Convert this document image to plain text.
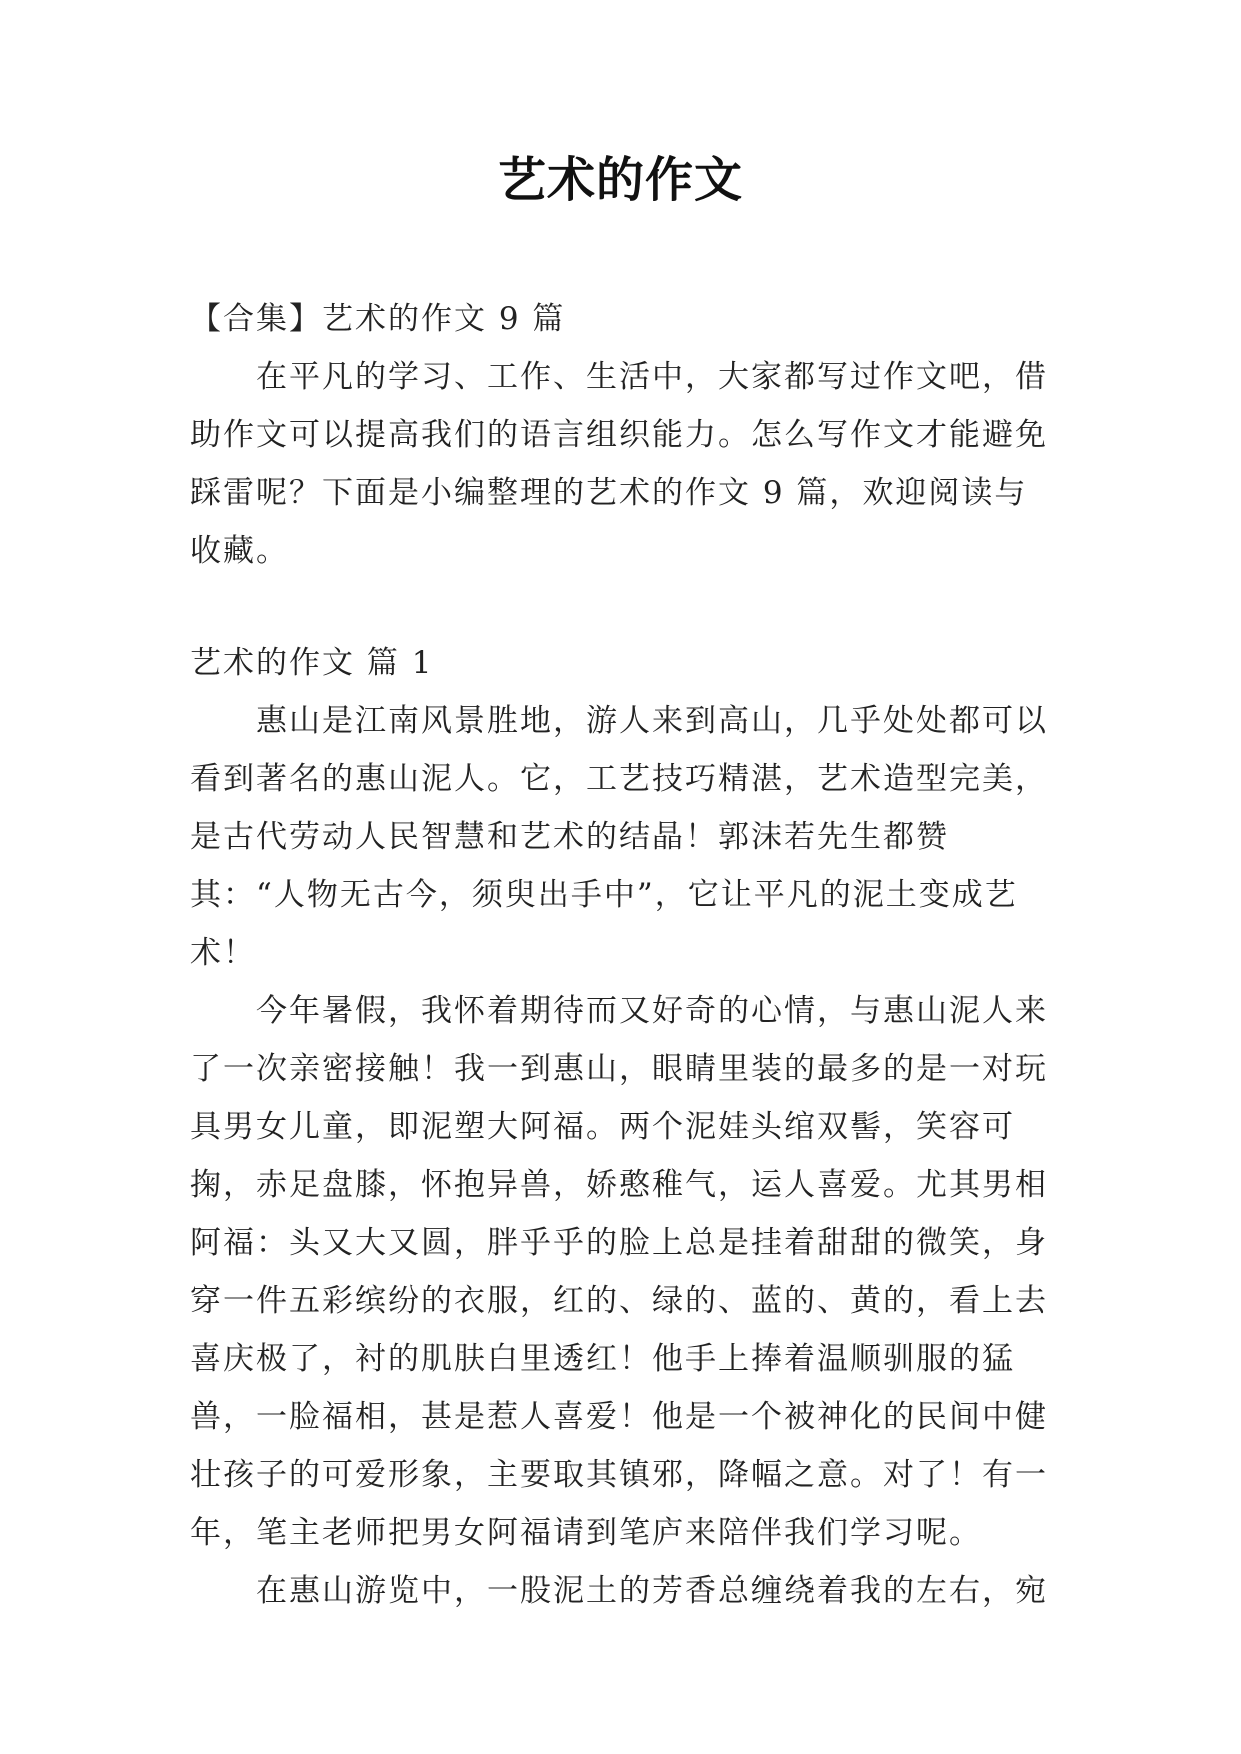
艺术的作文
【合集】艺术的作文 9 篇

在平凡的学习、工作、生活中，大家都写过作文吧，借助作文可以提高我们的语言组织能力。怎么写作文才能避免踩雷呢？下面是小编整理的艺术的作文 9 篇，欢迎阅读与收藏。

艺术的作文 篇 1

惠山是江南风景胜地，游人来到高山，几乎处处都可以看到著名的惠山泥人。它，工艺技巧精湛，艺术造型完美，是古代劳动人民智慧和艺术的结晶！郭沫若先生都赞其：“人物无古今，须臾出手中”，它让平凡的泥土变成艺术！

今年暑假，我怀着期待而又好奇的心情，与惠山泥人来了一次亲密接触！我一到惠山，眼睛里装的最多的是一对玩具男女儿童，即泥塑大阿福。两个泥娃头绾双髻，笑容可掬，赤足盘膝，怀抱异兽，娇憨稚气，运人喜爱。尤其男相阿福：头又大又圆，胖乎乎的脸上总是挂着甜甜的微笑，身穿一件五彩缤纷的衣服，红的、绿的、蓝的、黄的，看上去喜庆极了，衬的肌肤白里透红！他手上捧着温顺驯服的猛兽，一脸福相，甚是惹人喜爱！他是一个被神化的民间中健壮孩子的可爱形象，主要取其镇邪，降幅之意。对了！有一年，笔主老师把男女阿福请到笔庐来陪伴我们学习呢。

在惠山游览中，一股泥土的芳香总缠绕着我的左右，宛
